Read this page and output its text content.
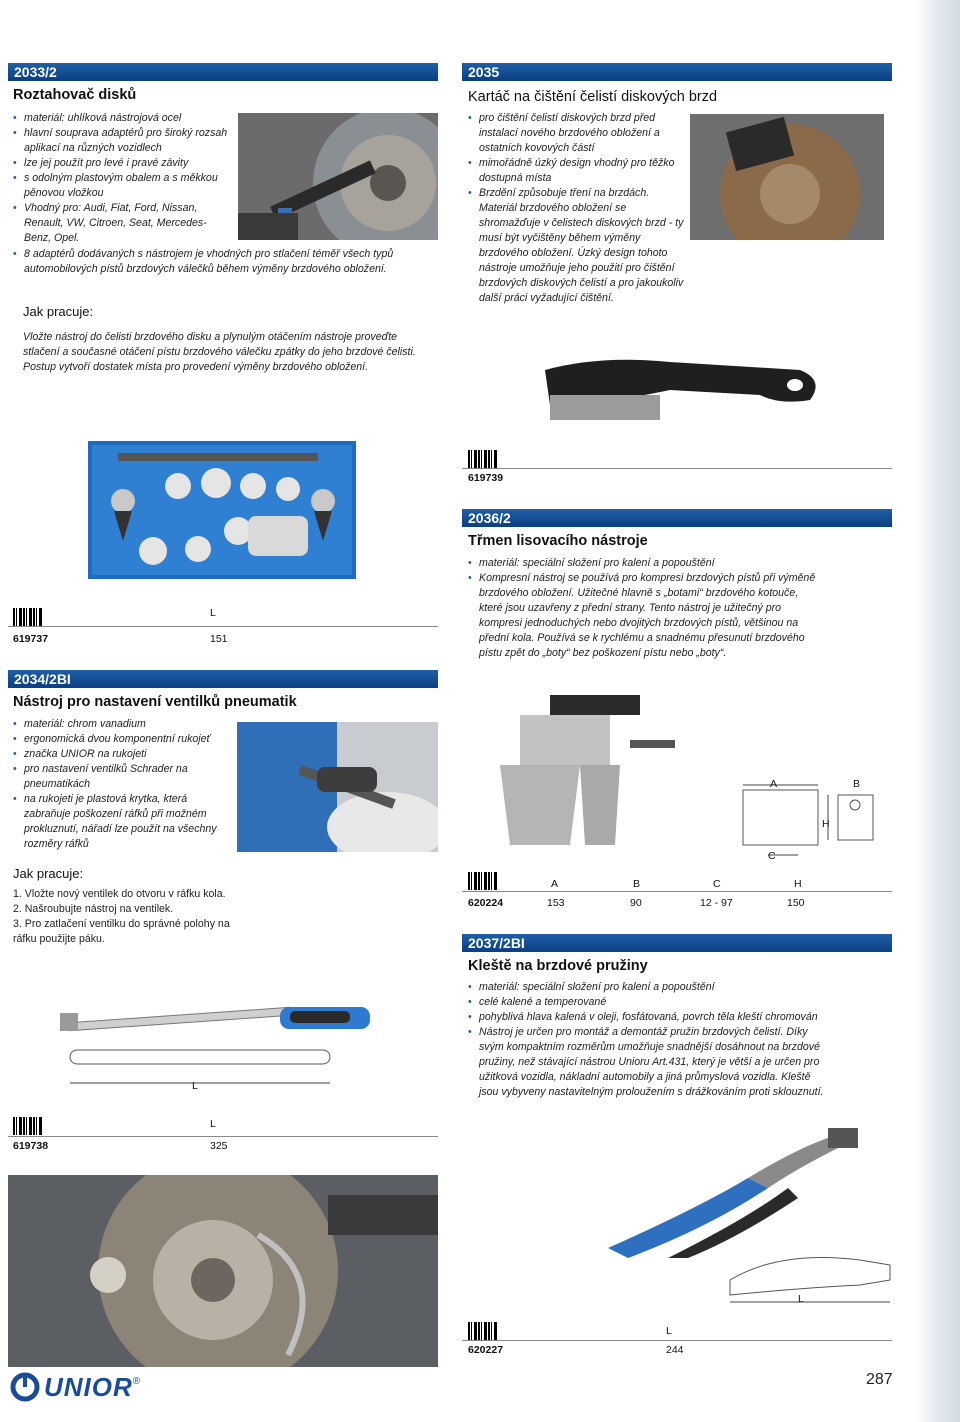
2033/2
Roztahovač disků
• materiál: uhlíková nástrojová ocel
• hlavní souprava adaptérů pro široký rozsah aplikací na různých vozidlech
• lze jej použít pro levé i pravé závity
• s odolným plastovým obalem a s měkkou pěnovou vložkou
• Vhodný pro: Audi, Fiat, Ford, Nissan, Renault, VW, Citroen, Seat, Mercedes-Benz, Opel.
• 8 adaptérů dodávaných s nástrojem je vhodných pro stlačení téměř všech typů automobilových pístů brzdových válečků během výměny brzdového obložení.
Jak pracuje:
Vložte nástroj do čelisti brzdového disku a plynulým otáčením nástroje proveďte stlačení a současné otáčení pístu brzdového válečku zpátky do jeho brzdové čelisti. Postup vytvoří dostatek místa pro provedení výměny brzdového obložení.
L
619737	151
2034/2BI
Nástroj pro nastavení ventilků pneumatik
• materiál: chrom vanadium
• ergonomická dvou komponentní rukojeť
• značka UNIOR na rukojeti
• pro nastavení ventilků Schrader na pneumatikách
• na rukojeti je plastová krytka, která zabraňuje poškození ráfků při možném prokluznutí, nářadí lze použít na všechny rozměry ráfků
Jak pracuje:
1. Vložte nový ventilek do otvoru v ráfku kola.
2. Našroubujte nástroj na ventilek.
3. Pro zatlačení ventilku do správné polohy na ráfku použijte páku.
L
L
619738	325
2035
Kartáč na čištění čelistí diskových brzd
• pro čištění čelistí diskových brzd před instalací nového brzdového obložení a ostatních kovových částí
• mimořádně úzký design vhodný pro těžko dostupná místa
• Brzdění způsobuje tření na brzdách. Materiál brzdového obložení se shromažďuje v čelistech diskových brzd - ty musí být vyčištěny během výměny brzdového obložení. Úzký design tohoto nástroje umožňuje jeho použití pro čištění brzdových diskových čelistí a pro jakoukoliv další práci vyžadující čištění.
619739
2036/2
Třmen lisovacího nástroje
• materiál: speciální složení pro kalení a popouštění
• Kompresní nástroj se používá pro kompresi brzdových pístů při výměně brzdového obložení. Užitečné hlavně s „botami“ brzdového kotouče, které jsou uzavřeny z přední strany. Tento nástroj je užitečný pro kompresi jednoduchých nebo dvojitých brzdových pístů, většinou na přední kola. Používá se k rychlému a snadnému přesunutí brzdového pístu zpět do „boty“ bez poškození pístu nebo „boty“.
A	B
H
C
A	B	C	H
620224	153	90	12 - 97	150
2037/2BI
Kleště na brzdové pružiny
• materiál: speciální složení pro kalení a popouštění
• celé kalené a temperované
• pohyblivá hlava kalená v oleji, fosfátovaná, povrch těla kleští chromován
• Nástroj je určen pro montáž a demontáž pružin brzdových čelistí. Díky svým kompaktním rozměrům umožňuje snadnější dosáhnout na brzdové pružiny, než stávající nástrou Unioru Art.431, který je větší a je určen pro užitková vozidla, nákladní automobily a jiná průmyslová vozidla. Kleště jsou vybyveny nastavitelným proloužením s drážkováním proti sklouznutí.
L
L
620227	244
UNIOR ®	287
